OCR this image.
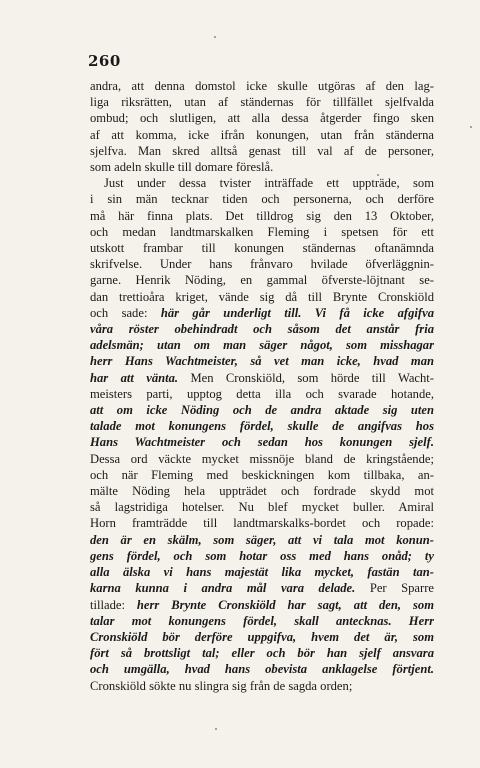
260
andra, att denna domstol icke skulle utgöras af den lag-
liga riksrätten, utan af ständernas för tillfället sjelfvalda
ombud; och slutligen, att alla dessa åtgerder fingo sken
af att komma, icke ifrån konungen, utan från ständerna
sjelfva. Man skred alltså genast till val af de personer,
som adeln skulle till domare föreslå.
Just under dessa tvister inträffade ett uppträde, som
i sin män tecknar tiden och personerna, och derföre
må här finna plats. Det tilldrog sig den 13 Oktober,
och medan landtmarskalken Fleming i spetsen för ett
utskott frambar till konungen ständernas oftanämnda
skrifvelse. Under hans frånvaro hvilade öfverläggnin-
garne. Henrik Nöding, en gammal öfverste-löjtnant se-
dan trettioåra kriget, vände sig då till Brynte Cronskiöld
och sade: här går underligt till. Vi få icke afgifva
våra röster obehindradt och såsom det anstår fria
adelsmän; utan om man säger något, som misshagar
herr Hans Wachtmeister, så vet man icke, hvad man
har att vänta. Men Cronskiöld, som hörde till Wacht-
meisters parti, upptog detta illa och svarade hotande,
att om icke Nöding och de andra aktade sig uten
talade mot konungens fördel, skulle de angifvas hos
Hans Wachtmeister och sedan hos konungen sjelf.
Dessa ord väckte mycket missnöje bland de kringstående;
och när Fleming med beskickningen kom tillbaka, an-
mälte Nöding hela uppträdet och fordrade skydd mot
så lagstridiga hotelser. Nu blef mycket buller. Amiral
Horn framträdde till landtmarskalks-bordet och ropade:
den är en skälm, som säger, att vi tala mot konun-
gens fördel, och som hotar oss med hans onåd; ty
alla älska vi hans majestät lika mycket, fastän tan-
karna kunna i andra mål vara delade. Per Sparre
tillade: herr Brynte Cronskiöld har sagt, att den, som
talar mot konungens fördel, skall antecknas. Herr
Cronskiöld bör derföre uppgifva, hvem det är, som
fört så brottsligt tal; eller och bör han sjelf ansvara
och umgälla, hvad hans obevista anklagelse förtjent.
Cronskiöld sökte nu slingra sig från de sagda orden;
